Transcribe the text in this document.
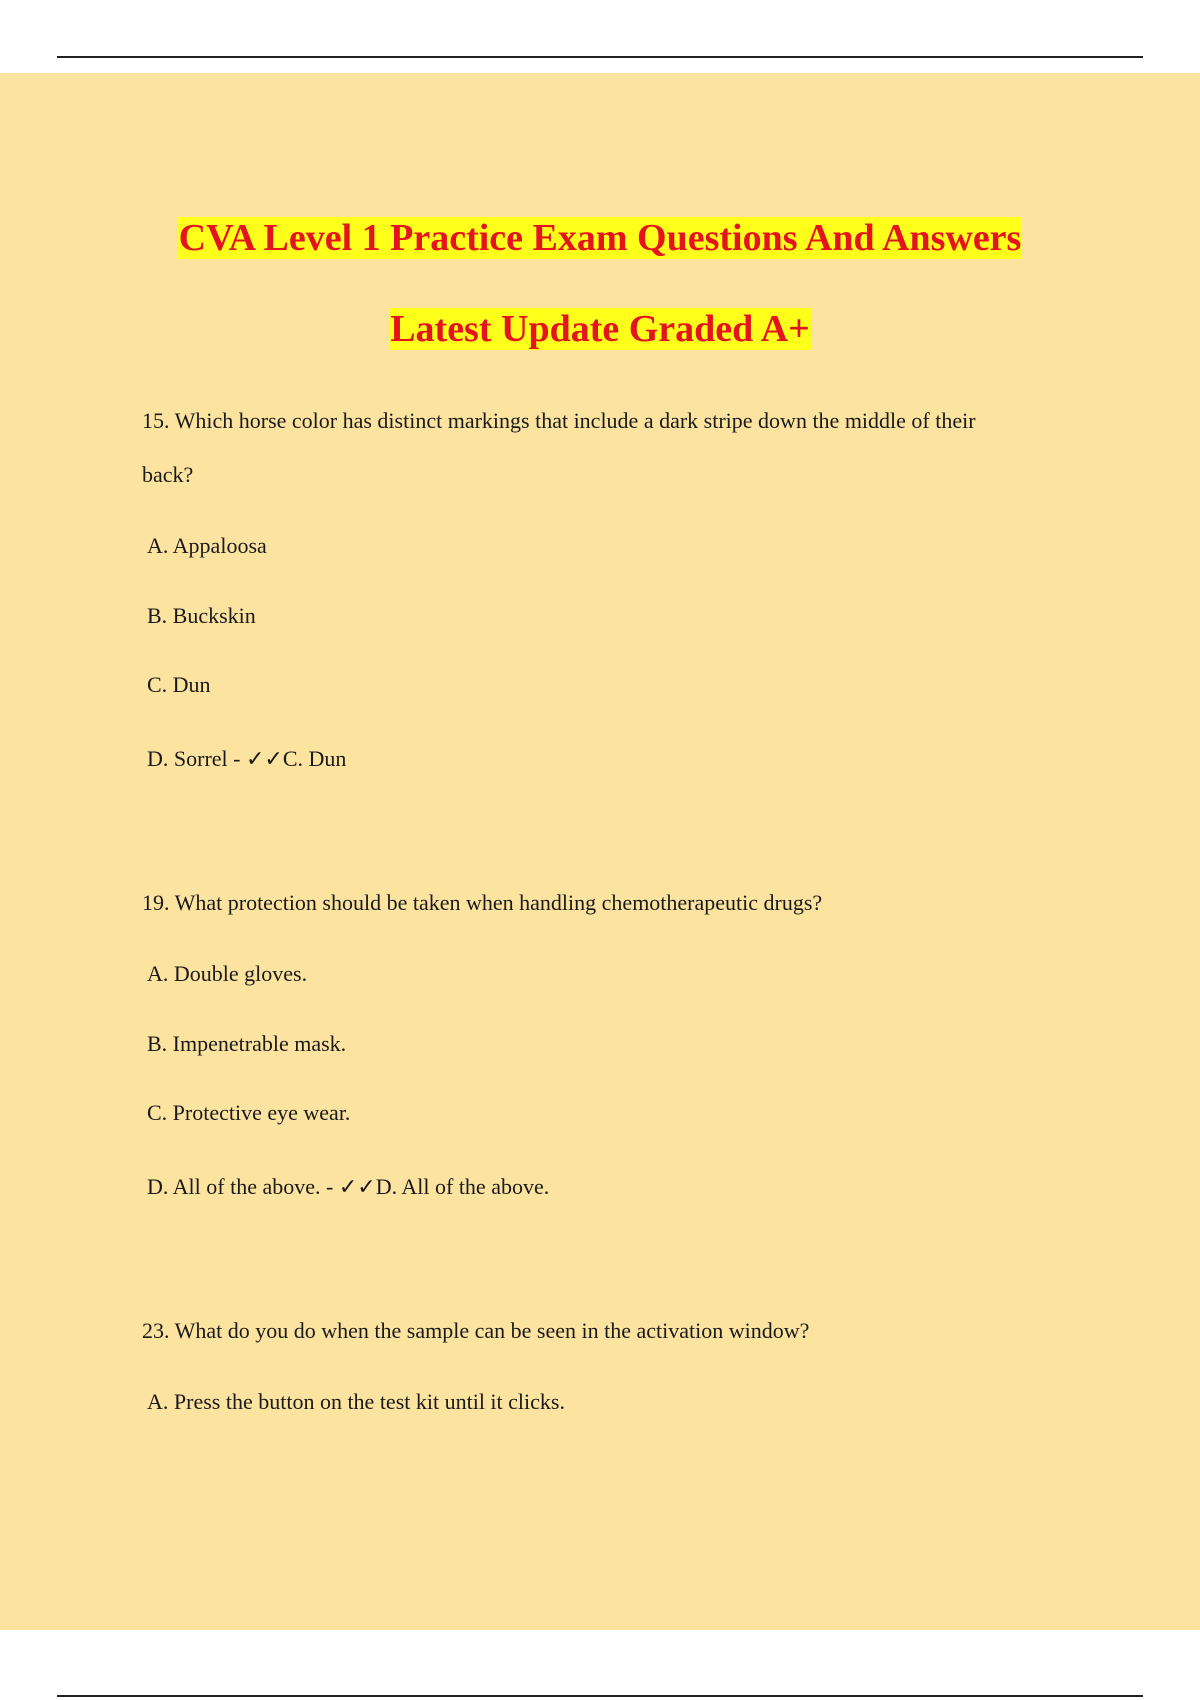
CVA Level 1 Practice Exam Questions And Answers
Latest Update Graded A+
15. Which horse color has distinct markings that include a dark stripe down the middle of their
back?
A. Appaloosa
B. Buckskin
C. Dun
D. Sorrel - ✓✓C. Dun
19. What protection should be taken when handling chemotherapeutic drugs?
A. Double gloves.
B. Impenetrable mask.
C. Protective eye wear.
D. All of the above. - ✓✓D. All of the above.
23. What do you do when the sample can be seen in the activation window?
A. Press the button on the test kit until it clicks.
